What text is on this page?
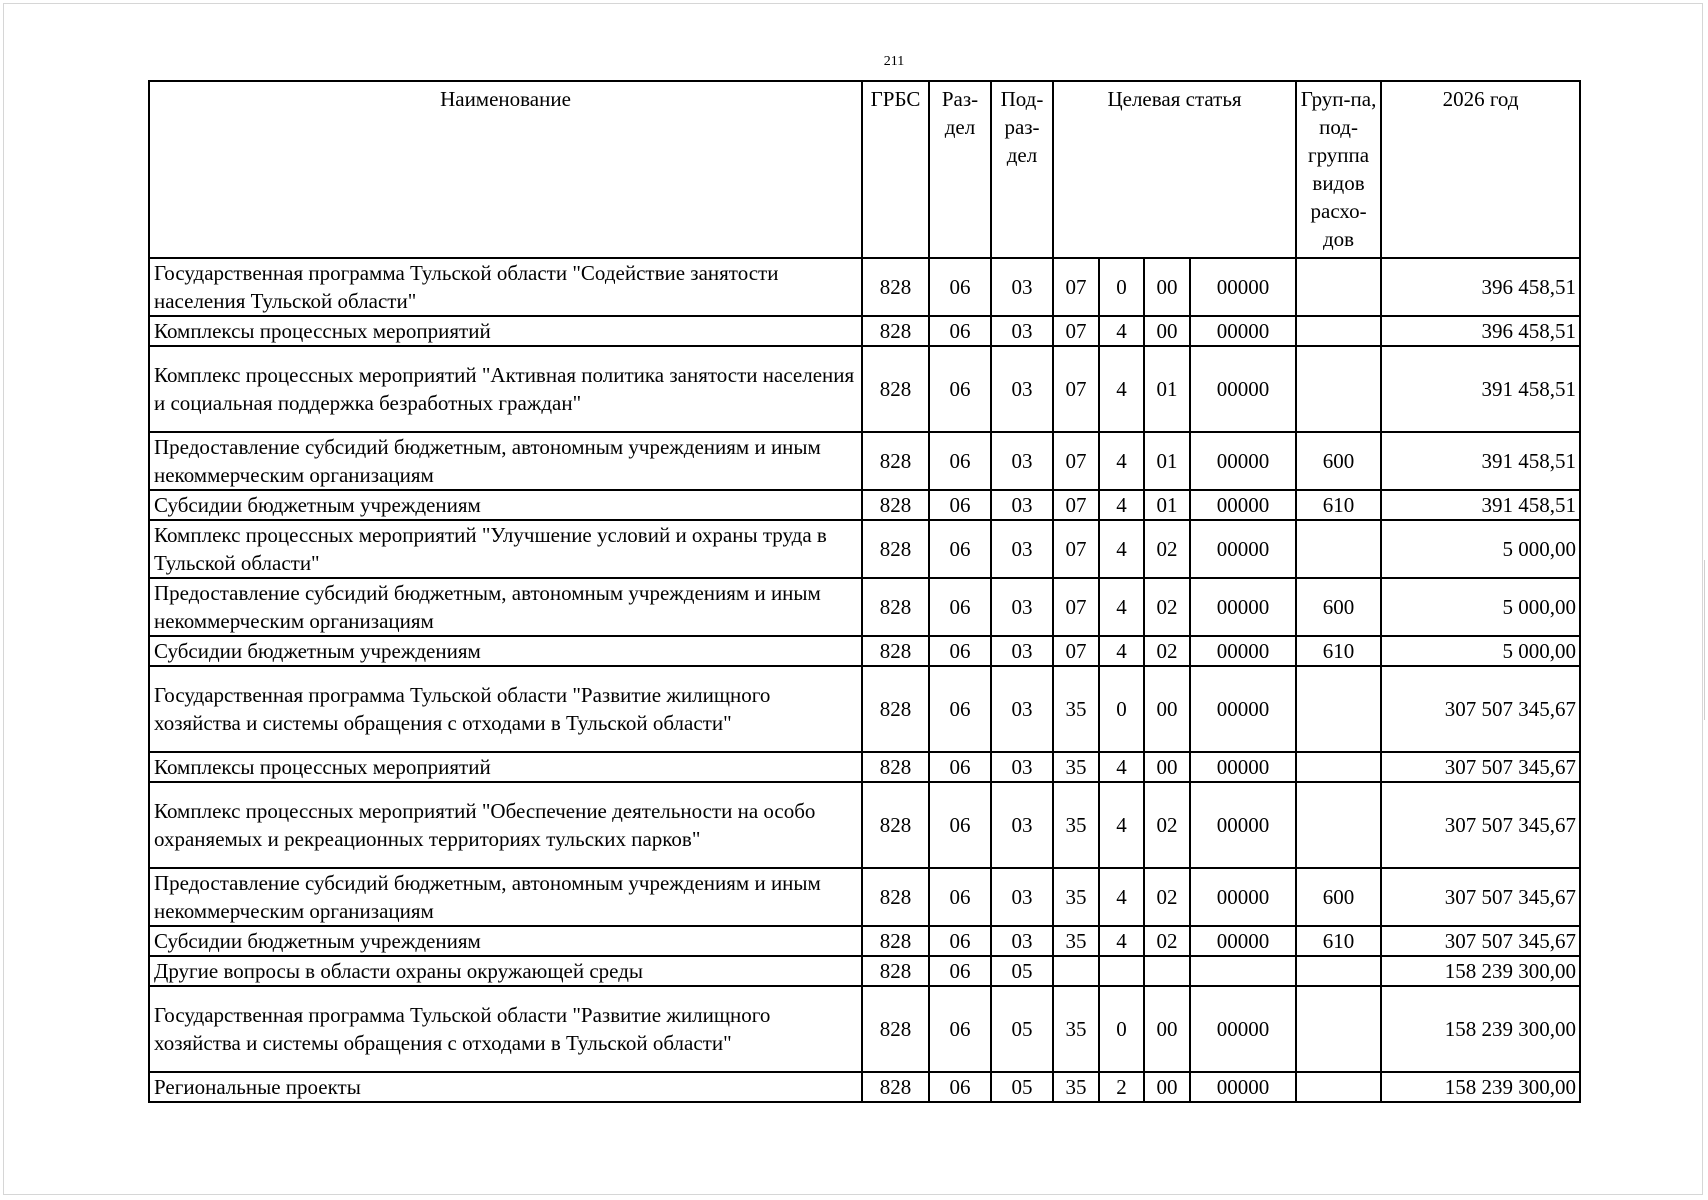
211
Наименование	ГРБС	Раз-дел	Под-раз-дел	Целевая статья				Груп-па, под-группа видов расхо-дов	2026 год
Государственная программа Тульской области "Содействие занятости населения Тульской области"	828	06	03	07	0	00	00000		396 458,51
Комплексы процессных мероприятий	828	06	03	07	4	00	00000		396 458,51
Комплекс процессных мероприятий "Активная политика занятости населения и социальная поддержка безработных граждан"	828	06	03	07	4	01	00000		391 458,51
Предоставление субсидий бюджетным, автономным учреждениям и иным некоммерческим организациям	828	06	03	07	4	01	00000	600	391 458,51
Субсидии бюджетным учреждениям	828	06	03	07	4	01	00000	610	391 458,51
Комплекс процессных мероприятий "Улучшение условий и охраны труда в Тульской области"	828	06	03	07	4	02	00000		5 000,00
Предоставление субсидий бюджетным, автономным учреждениям и иным некоммерческим организациям	828	06	03	07	4	02	00000	600	5 000,00
Субсидии бюджетным учреждениям	828	06	03	07	4	02	00000	610	5 000,00
Государственная программа Тульской области "Развитие жилищного хозяйства и системы обращения с отходами в Тульской области"	828	06	03	35	0	00	00000		307 507 345,67
Комплексы процессных мероприятий	828	06	03	35	4	00	00000		307 507 345,67
Комплекс процессных мероприятий "Обеспечение деятельности на особо охраняемых и рекреационных территориях тульских парков"	828	06	03	35	4	02	00000		307 507 345,67
Предоставление субсидий бюджетным, автономным учреждениям и иным некоммерческим организациям	828	06	03	35	4	02	00000	600	307 507 345,67
Субсидии бюджетным учреждениям	828	06	03	35	4	02	00000	610	307 507 345,67
Другие вопросы в области охраны окружающей среды	828	06	05						158 239 300,00
Государственная программа Тульской области "Развитие жилищного хозяйства и системы обращения с отходами в Тульской области"	828	06	05	35	0	00	00000		158 239 300,00
Региональные проекты	828	06	05	35	2	00	00000		158 239 300,00
